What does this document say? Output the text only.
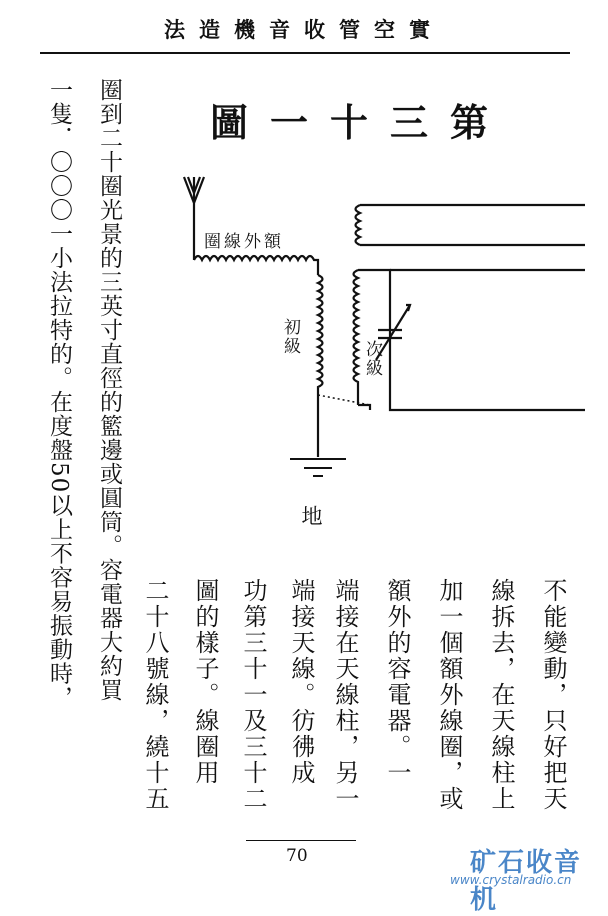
實空管收音機造法
第三十一圖
額外線圈
初級
次級
地
不能變動，只好把天
線拆去，在天線柱上
加一個額外線圈，或
額外的容電器。一
端接在天線柱，另一
端接天線。彷彿成
功第三十一及三十二
圖的樣子。線圈用
二十八號線，繞十五
圈到二十圈光景的三英寸直徑的籃邊或圓筒。容電器大約買
一隻．〇〇〇一小法拉特的。在度盤50以上不容易振動時，
70	矿石收音机
www.crystalradio.cn
